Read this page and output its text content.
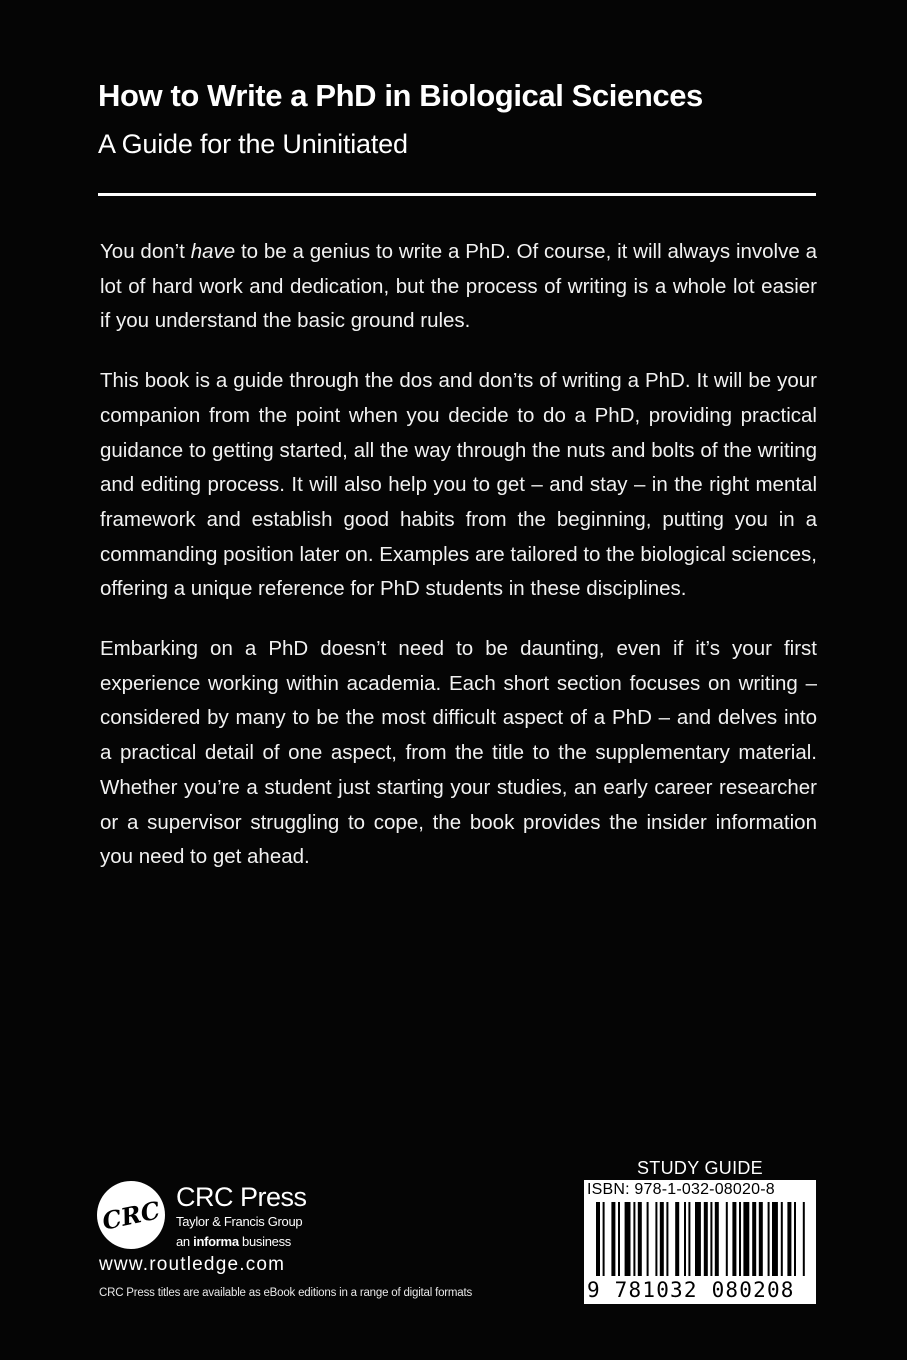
How to Write a PhD in Biological Sciences
A Guide for the Uninitiated

You don’t have to be a genius to write a PhD. Of course, it will always involve a lot of hard work and dedication, but the process of writing is a whole lot easier if you understand the basic ground rules.

This book is a guide through the dos and don’ts of writing a PhD. It will be your companion from the point when you decide to do a PhD, providing practical guidance to getting started, all the way through the nuts and bolts of the writing and editing process. It will also help you to get – and stay – in the right mental framework and establish good habits from the beginning, putting you in a commanding position later on. Examples are tailored to the biological sciences, offering a unique reference for PhD students in these disciplines.

Embarking on a PhD doesn’t need to be daunting, even if it’s your first experience working within academia. Each short section focuses on writing – considered by many to be the most difficult aspect of a PhD – and delves into a practical detail of one aspect, from the title to the supplementary material. Whether you’re a student just starting your studies, an early career researcher or a supervisor struggling to cope, the book provides the insider information you need to get ahead.

CRC CRC Press

Taylor & Francis Group
an informa business
www.routledge.com
CRC Press titles are available as eBook editions in a range of digital formats
STUDY GUIDE
ISBN: 978-1-032-08020-8
9 781032 080208
